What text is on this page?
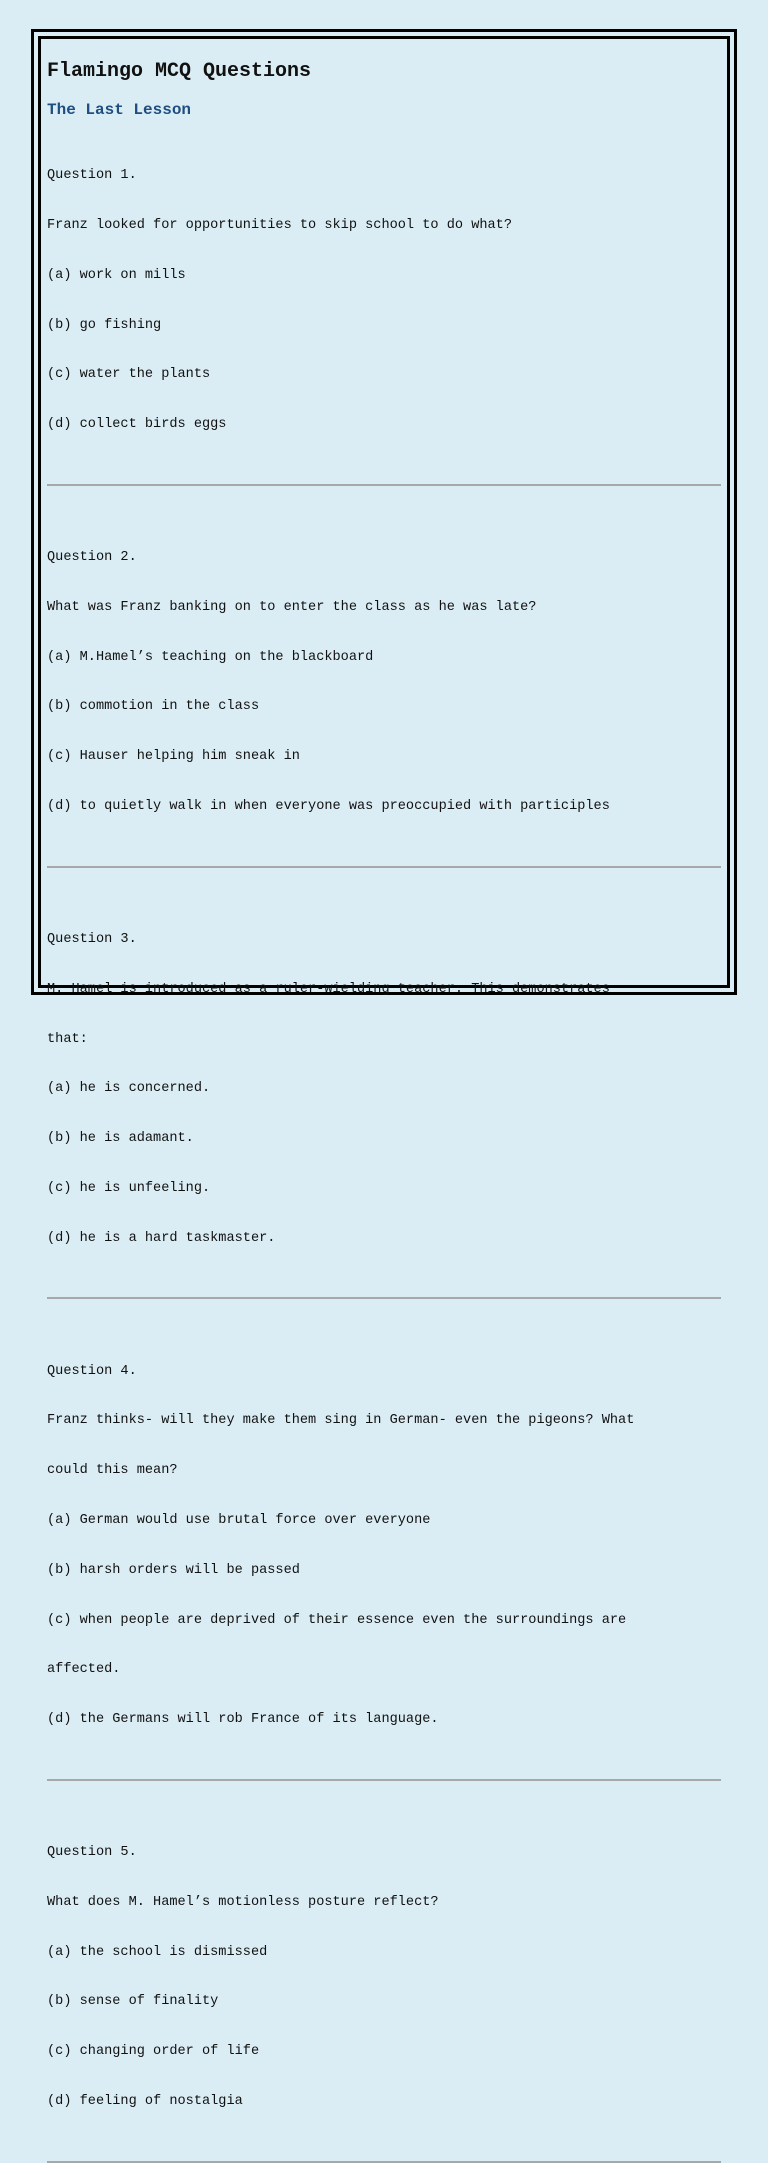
Flamingo MCQ Questions
The Last Lesson

Question 1.

Franz looked for opportunities to skip school to do what?

(a) work on mills

(b) go fishing

(c) water the plants

(d) collect birds eggs

Question 2.

What was Franz banking on to enter the class as he was late?

(a) M.Hamel’s teaching on the blackboard

(b) commotion in the class

(c) Hauser helping him sneak in

(d) to quietly walk in when everyone was preoccupied with participles

Question 3.

M. Hamel is introduced as a ruler-wielding teacher. This demonstrates

that:

(a) he is concerned.

(b) he is adamant.

(c) he is unfeeling.

(d) he is a hard taskmaster.

Question 4.

Franz thinks- will they make them sing in German- even the pigeons? What

could this mean?

(a) German would use brutal force over everyone

(b) harsh orders will be passed

(c) when people are deprived of their essence even the surroundings are

affected.

(d) the Germans will rob France of its language.

Question 5.

What does M. Hamel’s motionless posture reflect?

(a) the school is dismissed

(b) sense of finality

(c) changing order of life

(d) feeling of nostalgia
